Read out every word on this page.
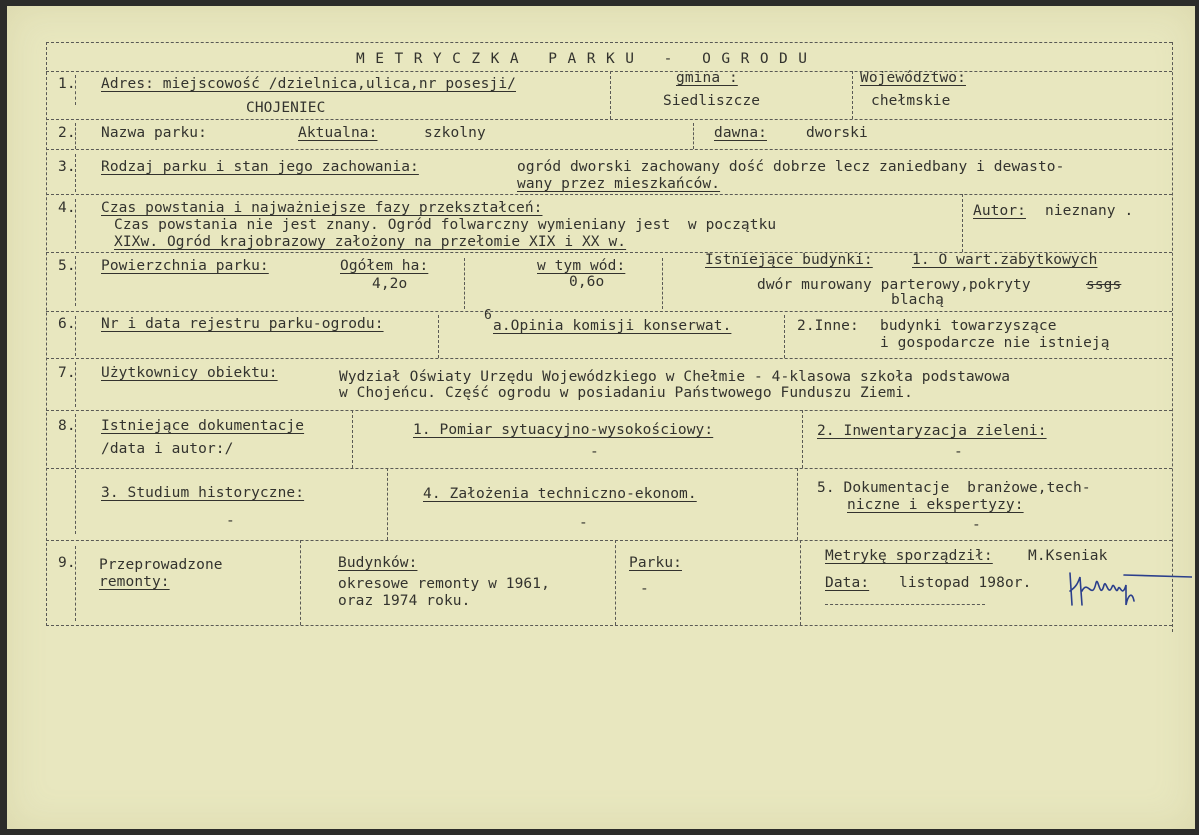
METRYCZKA PARKU - OGRODU
1. Adres: miejscowość /dzielnica,ulica,nr posesji/
CHOJENIEC
gmina :
Siedliszcze
Województwo:
chełmskie
2. Nazwa parku:	Aktualna:	szkolny	dawna:	dworski
3. Rodzaj parku i stan jego zachowania:	ogród dworski zachowany dość dobrze lecz zaniedbany i dewasto-
wany przez mieszkańców.
4. Czas powstania i najważniejsze fazy przekształceń:
Czas powstania nie jest znany. Ogród folwarczny wymieniany jest  w początku
XIXw. Ogród krajobrazowy założony na przełomie XIX i XX w.
Autor: nieznany .
5. Powierzchnia parku:	Ogółem ha:
4,2o
w tym wód:
0,6o
Istniejące budynki:	1. O wart.zabytkowych
dwór murowany parterowy,pokryty	ssgs
blachą
6. Nr i data rejestru parku-ogrodu:
6
a.Opinia komisji konserwat.	2.Inne: budynki towarzyszące
i gospodarcze nie istnieją
7. Użytkownicy obiektu:	Wydział Oświaty Urzędu Wojewódzkiego w Chełmie - 4-klasowa szkoła podstawowa
w Chojeńcu. Część ogrodu w posiadaniu Państwowego Funduszu Ziemi.
8. Istniejące dokumentacje
/data i autor:/
1. Pomiar sytuacyjno-wysokościowy:
-
2. Inwentaryzacja zieleni:
-
3. Studium historyczne:
-
4. Założenia techniczno-ekonom.
-
5. Dokumentacje  branżowe,tech-
niczne i ekspertyzy:
-
9. Przeprowadzone
remonty:
Budynków:
okresowe remonty w 1961,
oraz 1974 roku.
Parku:
-
Metrykę sporządził: M.Kseniak
Data: listopad 198or.
